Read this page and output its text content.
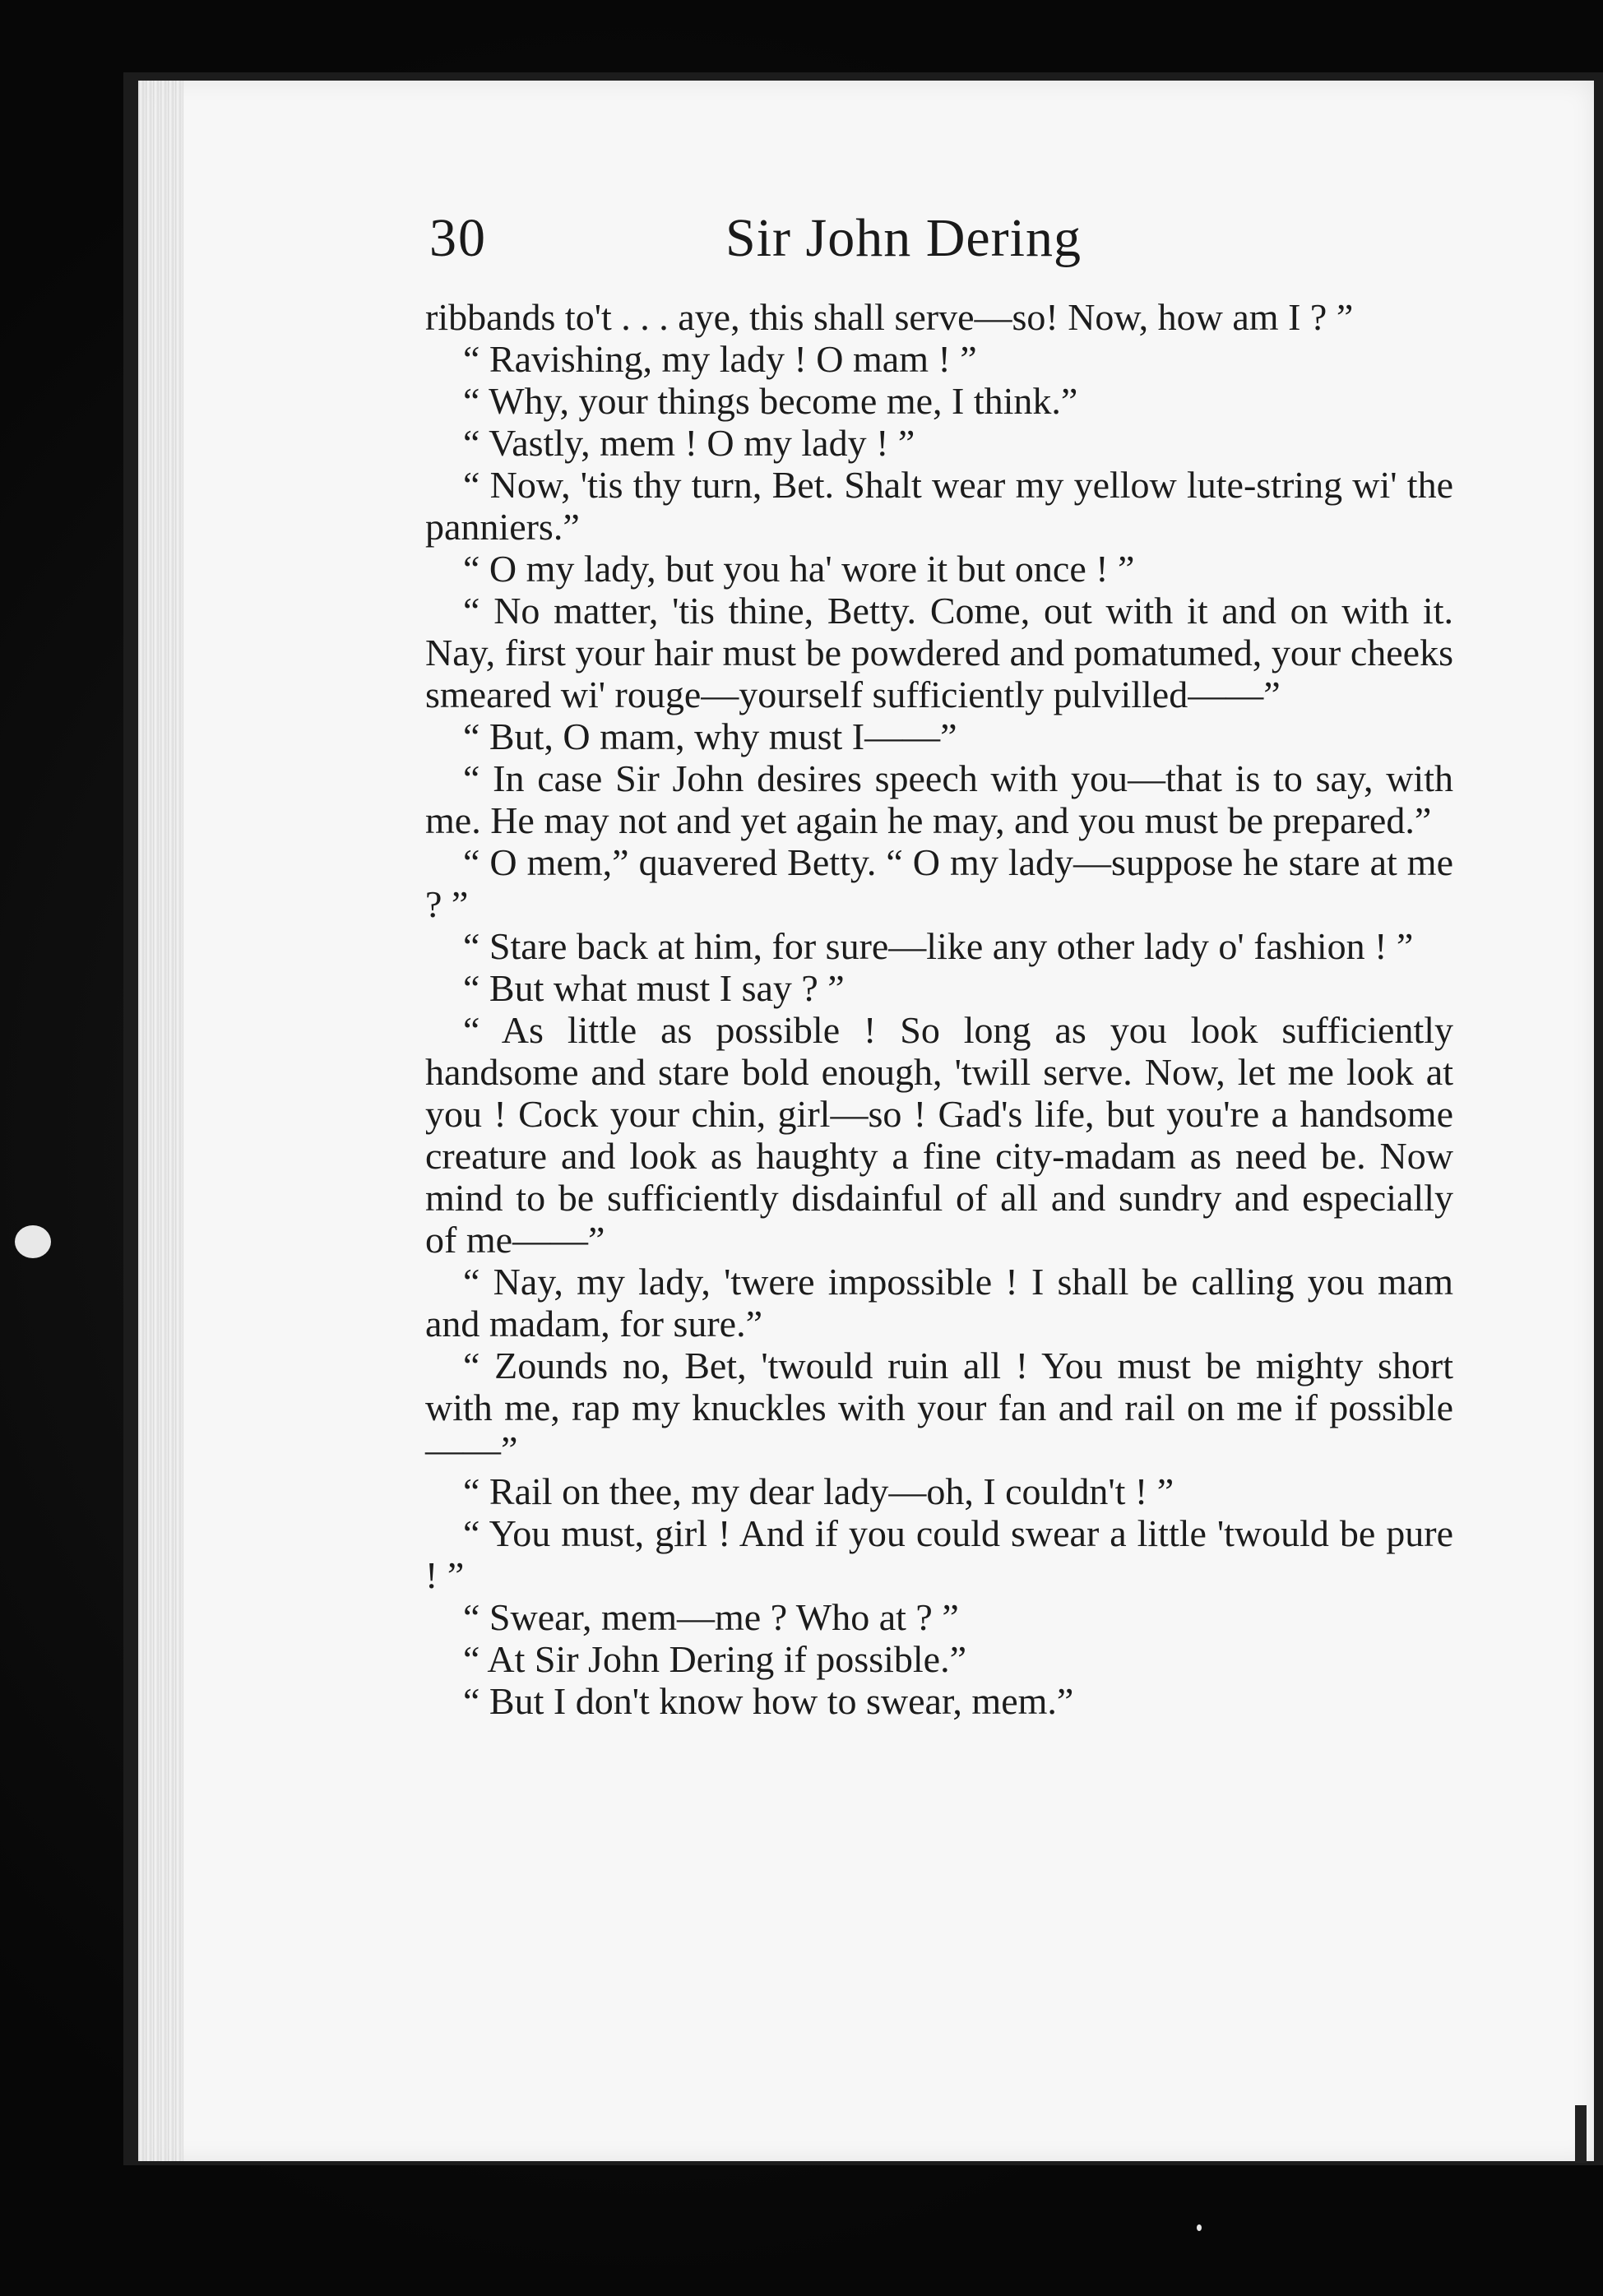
30	Sir John Dering

ribbands to't . . . aye, this shall serve—so! Now, how am I ? ”

“ Ravishing, my lady ! O mam ! ”

“ Why, your things become me, I think.”

“ Vastly, mem ! O my lady ! ”

“ Now, 'tis thy turn, Bet. Shalt wear my yellow lute-string wi' the panniers.”

“ O my lady, but you ha' wore it but once ! ”

“ No matter, 'tis thine, Betty. Come, out with it and on with it. Nay, first your hair must be powdered and pomatumed, your cheeks smeared wi' rouge—yourself sufficiently pulvilled——”

“ But, O mam, why must I——”

“ In case Sir John desires speech with you—that is to say, with me. He may not and yet again he may, and you must be prepared.”

“ O mem,” quavered Betty. “ O my lady—suppose he stare at me ? ”

“ Stare back at him, for sure—like any other lady o' fashion ! ”

“ But what must I say ? ”

“ As little as possible ! So long as you look sufficiently handsome and stare bold enough, 'twill serve. Now, let me look at you ! Cock your chin, girl—so ! Gad's life, but you're a handsome creature and look as haughty a fine city-madam as need be. Now mind to be sufficiently disdainful of all and sundry and especially of me——”

“ Nay, my lady, 'twere impossible ! I shall be calling you mam and madam, for sure.”

“ Zounds no, Bet, 'twould ruin all ! You must be mighty short with me, rap my knuckles with your fan and rail on me if possible——”

“ Rail on thee, my dear lady—oh, I couldn't ! ”

“ You must, girl ! And if you could swear a little 'twould be pure ! ”

“ Swear, mem—me ? Who at ? ”

“ At Sir John Dering if possible.”

“ But I don't know how to swear, mem.”
